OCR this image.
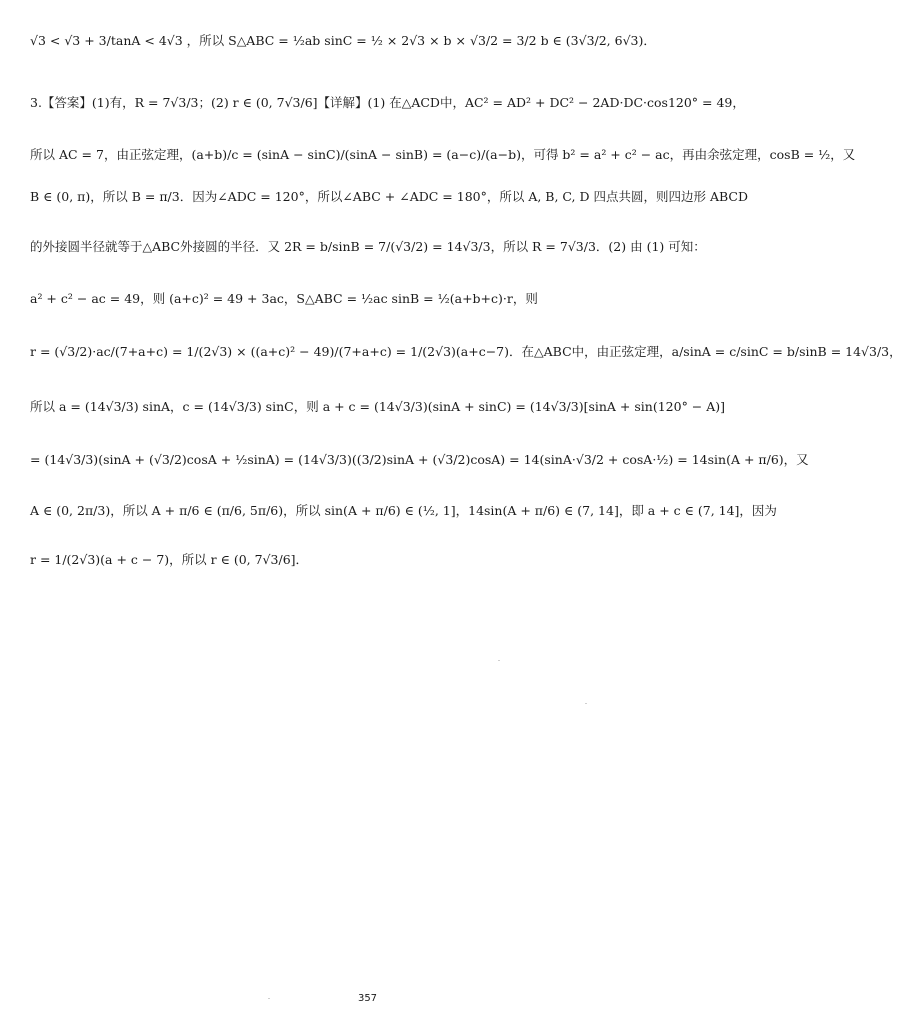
√3 < √3 + 3/tanA < 4√3 ，所以 S△ABC = ½ab sinC = ½ × 2√3 × b × √3/2 = 3/2 b ∈ (3√3/2, 6√3)．
3.【答案】(1)有，R = 7√3/3；(2) r ∈ (0, 7√3/6]【详解】(1) 在△ACD中，AC² = AD² + DC² − 2AD·DC·cos120° = 49，
所以 AC = 7，由正弦定理，(a+b)/c = (sinA − sinC)/(sinA − sinB) = (a−c)/(a−b)，可得 b² = a² + c² − ac，再由余弦定理，cosB = ½，又
B ∈ (0, π)，所以 B = π/3．因为∠ADC = 120°，所以∠ABC + ∠ADC = 180°，所以 A, B, C, D 四点共圆，则四边形 ABCD
的外接圆半径就等于△ABC外接圆的半径．又 2R = b/sinB = 7/(√3/2) = 14√3/3，所以 R = 7√3/3．(2) 由 (1) 可知：
a² + c² − ac = 49，则 (a+c)² = 49 + 3ac，S△ABC = ½ac sinB = ½(a+b+c)·r，则
r = (√3/2)·ac/(7+a+c) = 1/(2√3) × ((a+c)² − 49)/(7+a+c) = 1/(2√3)(a+c−7)．在△ABC中，由正弦定理，a/sinA = c/sinC = b/sinB = 14√3/3，
所以 a = (14√3/3) sinA，c = (14√3/3) sinC，则 a + c = (14√3/3)(sinA + sinC) = (14√3/3)[sinA + sin(120° − A)]
= (14√3/3)(sinA + (√3/2)cosA + ½sinA) = (14√3/3)((3/2)sinA + (√3/2)cosA) = 14(sinA·√3/2 + cosA·½) = 14sin(A + π/6)，又
A ∈ (0, 2π/3)，所以 A + π/6 ∈ (π/6, 5π/6)，所以 sin(A + π/6) ∈ (½, 1]，14sin(A + π/6) ∈ (7, 14]，即 a + c ∈ (7, 14]，因为
r = 1/(2√3)(a + c − 7)，所以 r ∈ (0, 7√3/6]．
357
